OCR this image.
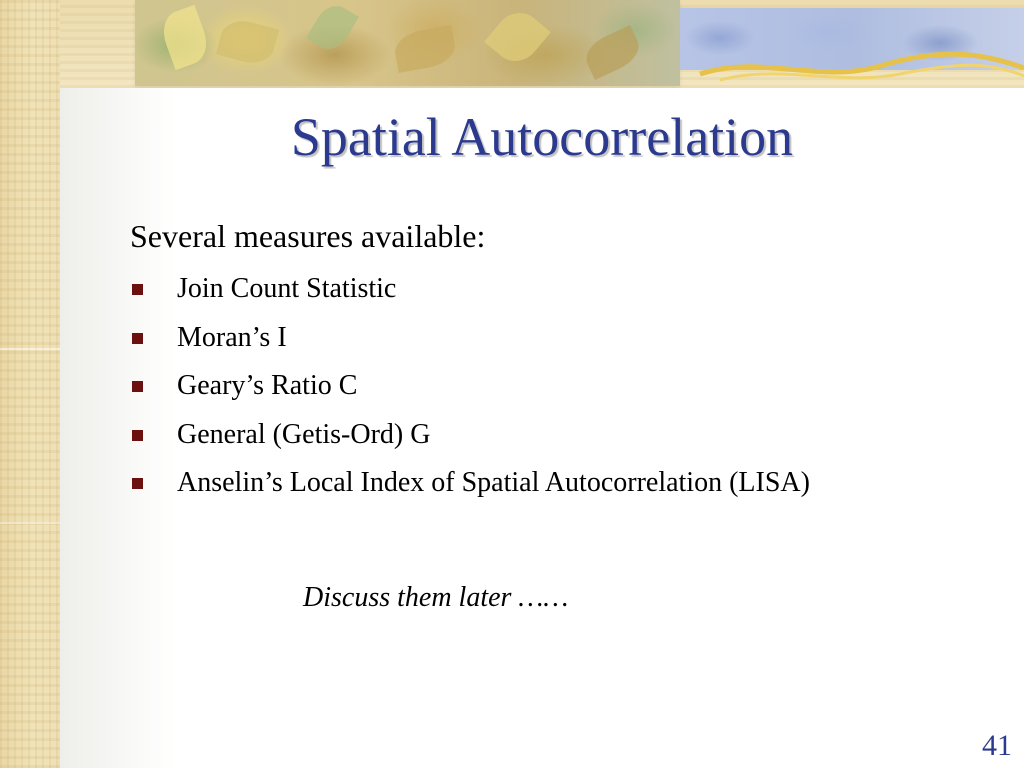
Spatial Autocorrelation
Several measures available:
Join Count Statistic
Moran’s I
Geary’s Ratio C
General (Getis-Ord) G
Anselin’s Local Index of Spatial Autocorrelation (LISA)
Discuss them later ……
41
